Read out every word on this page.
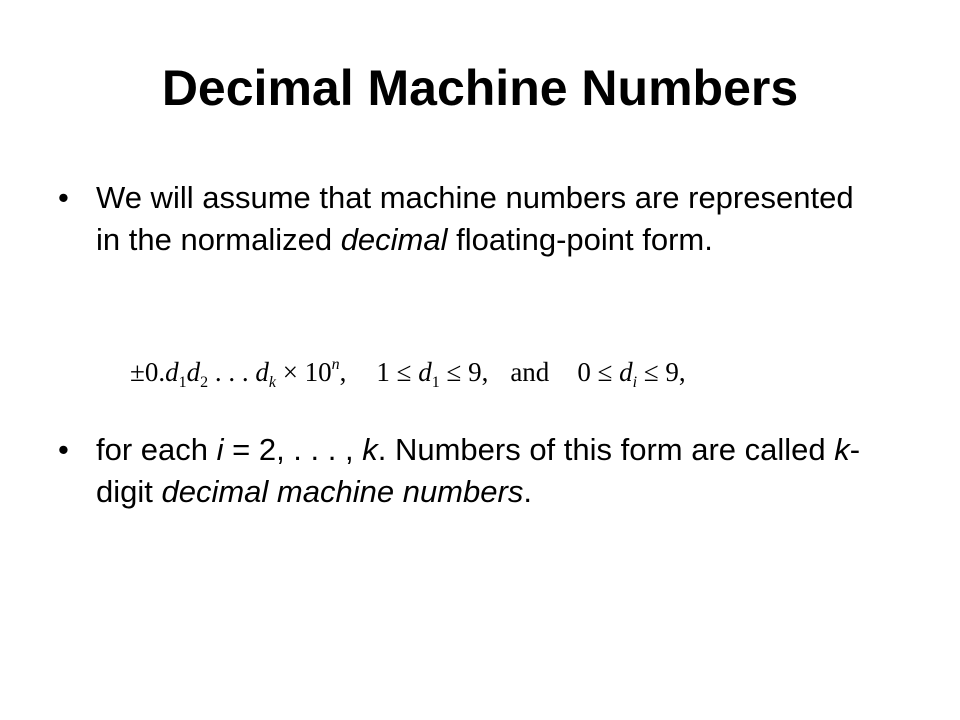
Decimal Machine Numbers
• We will assume that machine numbers are represented in the normalized decimal floating-point form.
$\pm 0.d_1d_2$ . . . $d_k \times 10^n$, $1 \le d_1 \le 9$, and $0 \le d_i \le 9$,
• for each i = 2, . . . , k. Numbers of this form are called k-digit decimal machine numbers.
